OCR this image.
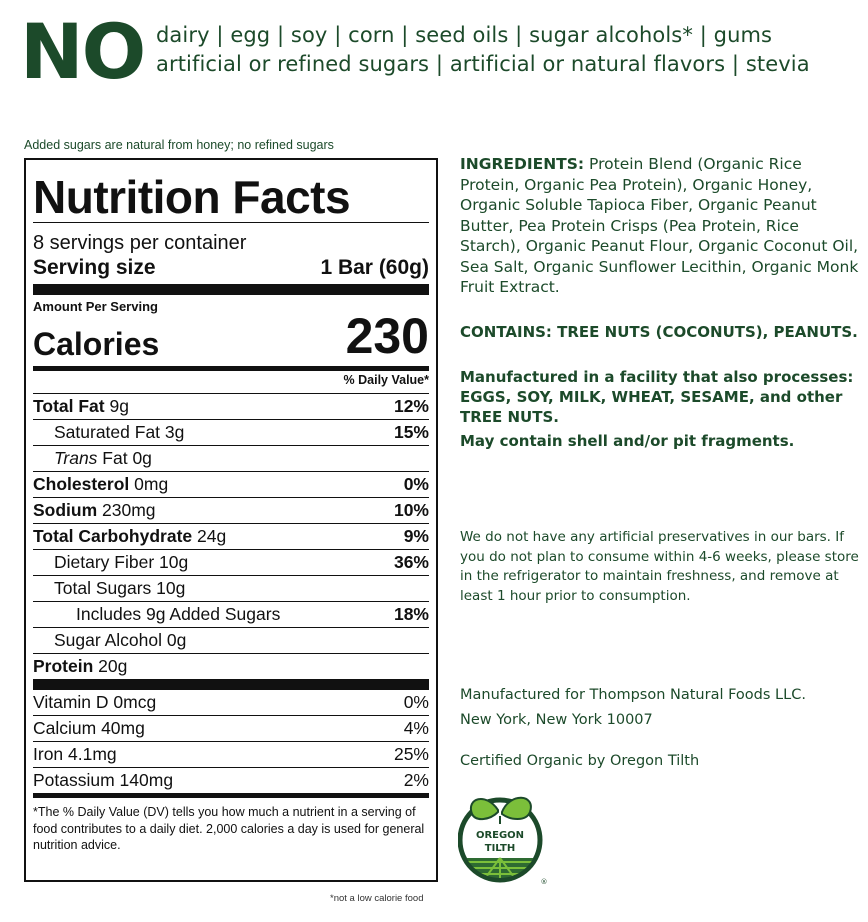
NO dairy | egg | soy | corn | seed oils | sugar alcohols* | gums
artificial or refined sugars | artificial or natural flavors | stevia
Added sugars are natural from honey; no refined sugars
Nutrition Facts
8 servings per container
Serving size	1 Bar (60g)
Amount Per Serving
Calories	230
% Daily Value*
Total Fat 9g	12%
Saturated Fat 3g	15%
Trans Fat 0g
Cholesterol 0mg	0%
Sodium 230mg	10%
Total Carbohydrate 24g	9%
Dietary Fiber 10g	36%
Total Sugars 10g
Includes 9g Added Sugars	18%
Sugar Alcohol 0g
Protein 20g
Vitamin D 0mcg	0%
Calcium 40mg	4%
Iron 4.1mg	25%
Potassium 140mg	2%
*The % Daily Value (DV) tells you how much a nutrient in a serving of food contributes to a daily diet. 2,000 calories a day is used for general nutrition advice.
*not a low calorie food
INGREDIENTS: Protein Blend (Organic Rice Protein, Organic Pea Protein), Organic Honey, Organic Soluble Tapioca Fiber, Organic Peanut Butter, Pea Protein Crisps (Pea Protein, Rice Starch), Organic Peanut Flour, Organic Coconut Oil, Sea Salt, Organic Sunflower Lecithin, Organic Monk Fruit Extract.
CONTAINS: TREE NUTS (COCONUTS), PEANUTS.
Manufactured in a facility that also processes: EGGS, SOY, MILK, WHEAT, SESAME, and other TREE NUTS.
May contain shell and/or pit fragments.
We do not have any artificial preservatives in our bars. If you do not plan to consume within 4-6 weeks, please store in the refrigerator to maintain freshness, and remove at least 1 hour prior to consumption.
Manufactured for Thompson Natural Foods LLC.
New York, New York 10007
Certified Organic by Oregon Tilth
OREGON
TILTH
®
